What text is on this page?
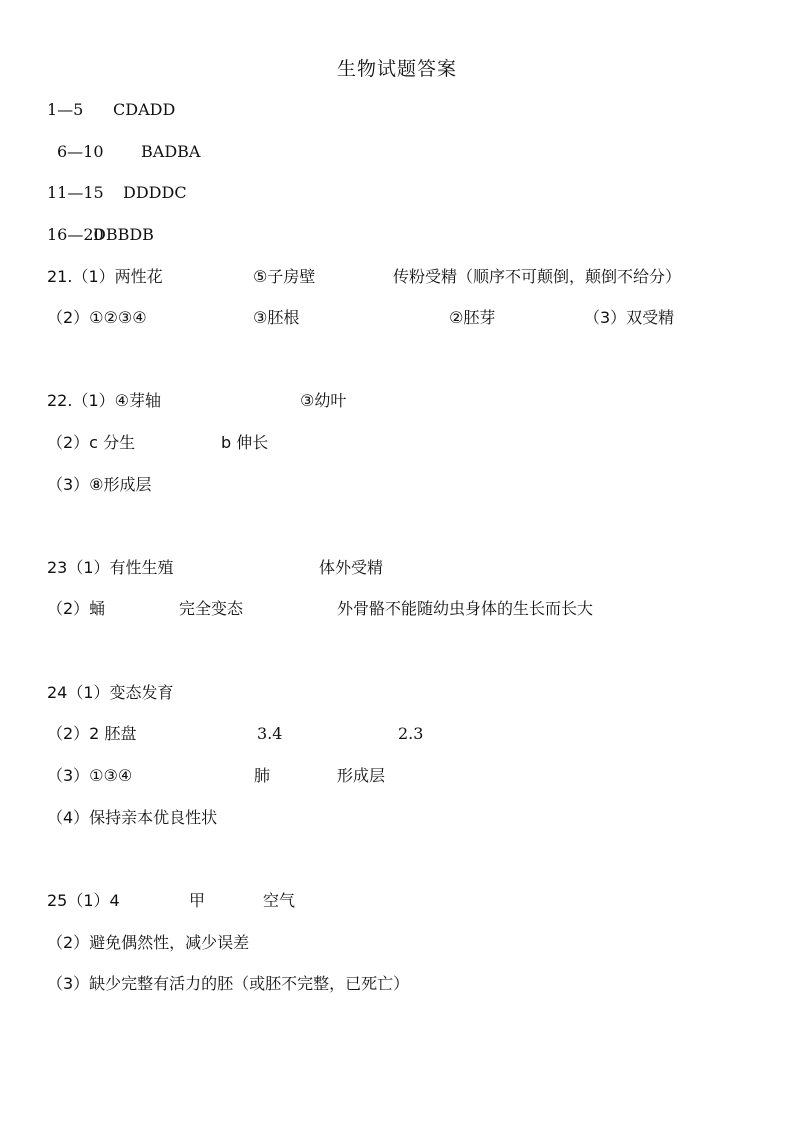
生物试题答案
1—5 CDADD
6—10 BADBA
11—15 DDDDC
16—20
DBBDB
21.（1）两性花	⑤子房壁	传粉受精（顺序不可颠倒，颠倒不给分）
（2）①②③④	③胚根	②胚芽	（3）双受精
22.（1）④芽轴	③幼叶
（2）c 分生	b 伸长
（3）⑧形成层
23（1）有性生殖	体外受精
（2）蛹	完全变态	外骨骼不能随幼虫身体的生长而长大
24（1）变态发育
（2）2 胚盘	3.4	2.3
（3）①③④	肺	形成层
（4）保持亲本优良性状
25（1）4	甲	空气
（2）避免偶然性，减少误差
（3）缺少完整有活力的胚（或胚不完整，已死亡）
